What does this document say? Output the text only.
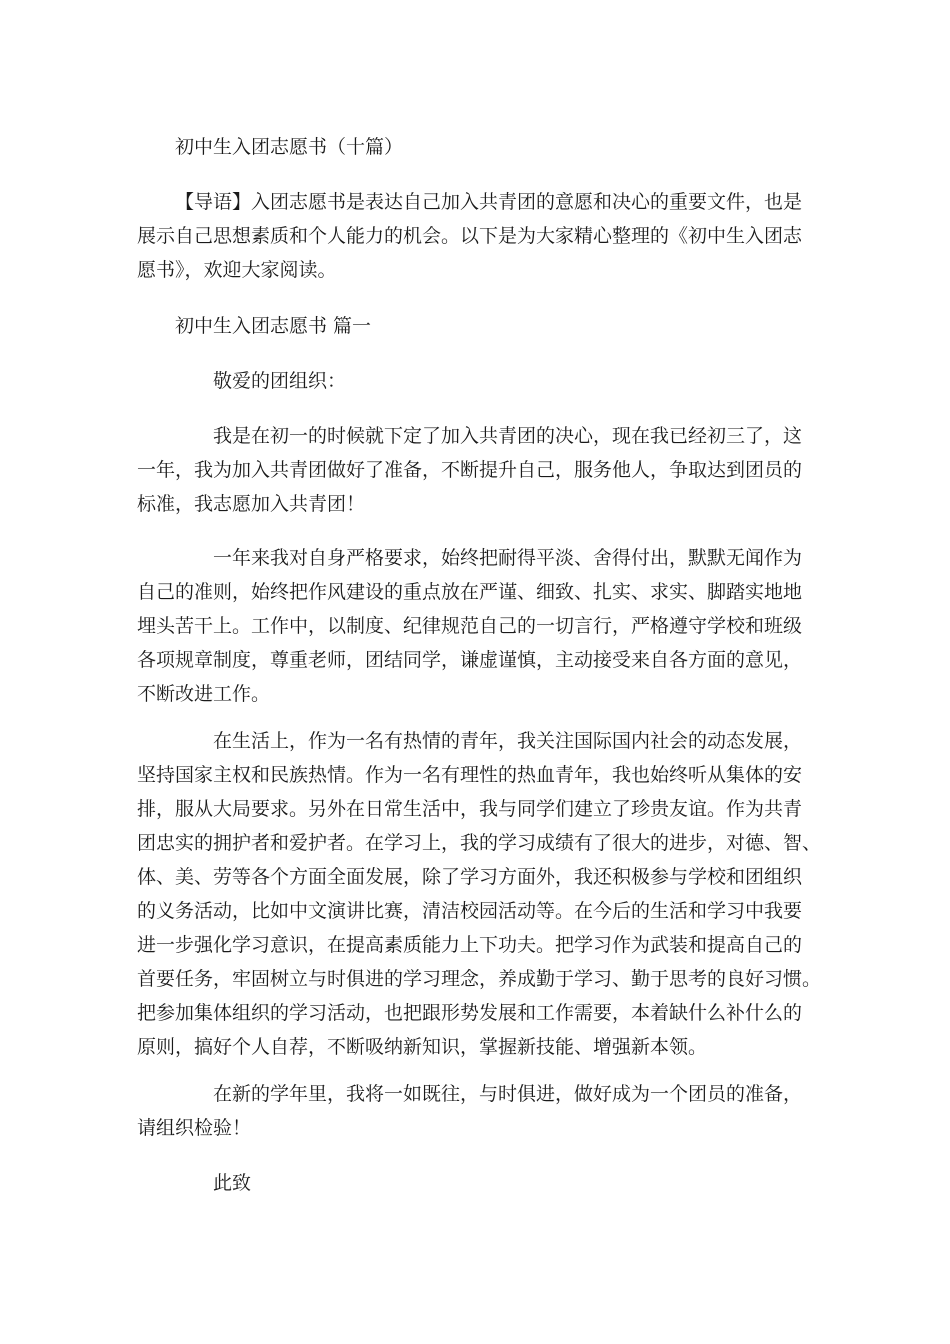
初中生入团志愿书（十篇）

【导语】入团志愿书是表达自己加入共青团的意愿和决心的重要文件，也是

展示自己思想素质和个人能力的机会。以下是为大家精心整理的《初中生入团志

愿书》，欢迎大家阅读。

初中生入团志愿书 篇一

敬爱的团组织：

我是在初一的时候就下定了加入共青团的决心，现在我已经初三了，这

一年，我为加入共青团做好了准备，不断提升自己，服务他人，争取达到团员的

标准，我志愿加入共青团！

一年来我对自身严格要求，始终把耐得平淡、舍得付出，默默无闻作为

自己的准则，始终把作风建设的重点放在严谨、细致、扎实、求实、脚踏实地地

埋头苦干上。工作中，以制度、纪律规范自己的一切言行，严格遵守学校和班级

各项规章制度，尊重老师，团结同学，谦虚谨慎，主动接受来自各方面的意见，

不断改进工作。

在生活上，作为一名有热情的青年，我关注国际国内社会的动态发展，

坚持国家主权和民族热情。作为一名有理性的热血青年，我也始终听从集体的安

排，服从大局要求。另外在日常生活中，我与同学们建立了珍贵友谊。作为共青

团忠实的拥护者和爱护者。在学习上，我的学习成绩有了很大的进步，对德、智、

体、美、劳等各个方面全面发展，除了学习方面外，我还积极参与学校和团组织

的义务活动，比如中文演讲比赛，清洁校园活动等。在今后的生活和学习中我要

进一步强化学习意识，在提高素质能力上下功夫。把学习作为武装和提高自己的

首要任务，牢固树立与时俱进的学习理念，养成勤于学习、勤于思考的良好习惯。

把参加集体组织的学习活动，也把跟形势发展和工作需要，本着缺什么补什么的

原则，搞好个人自荐，不断吸纳新知识，掌握新技能、增强新本领。

在新的学年里，我将一如既往，与时俱进，做好成为一个团员的准备，

请组织检验！

此致
